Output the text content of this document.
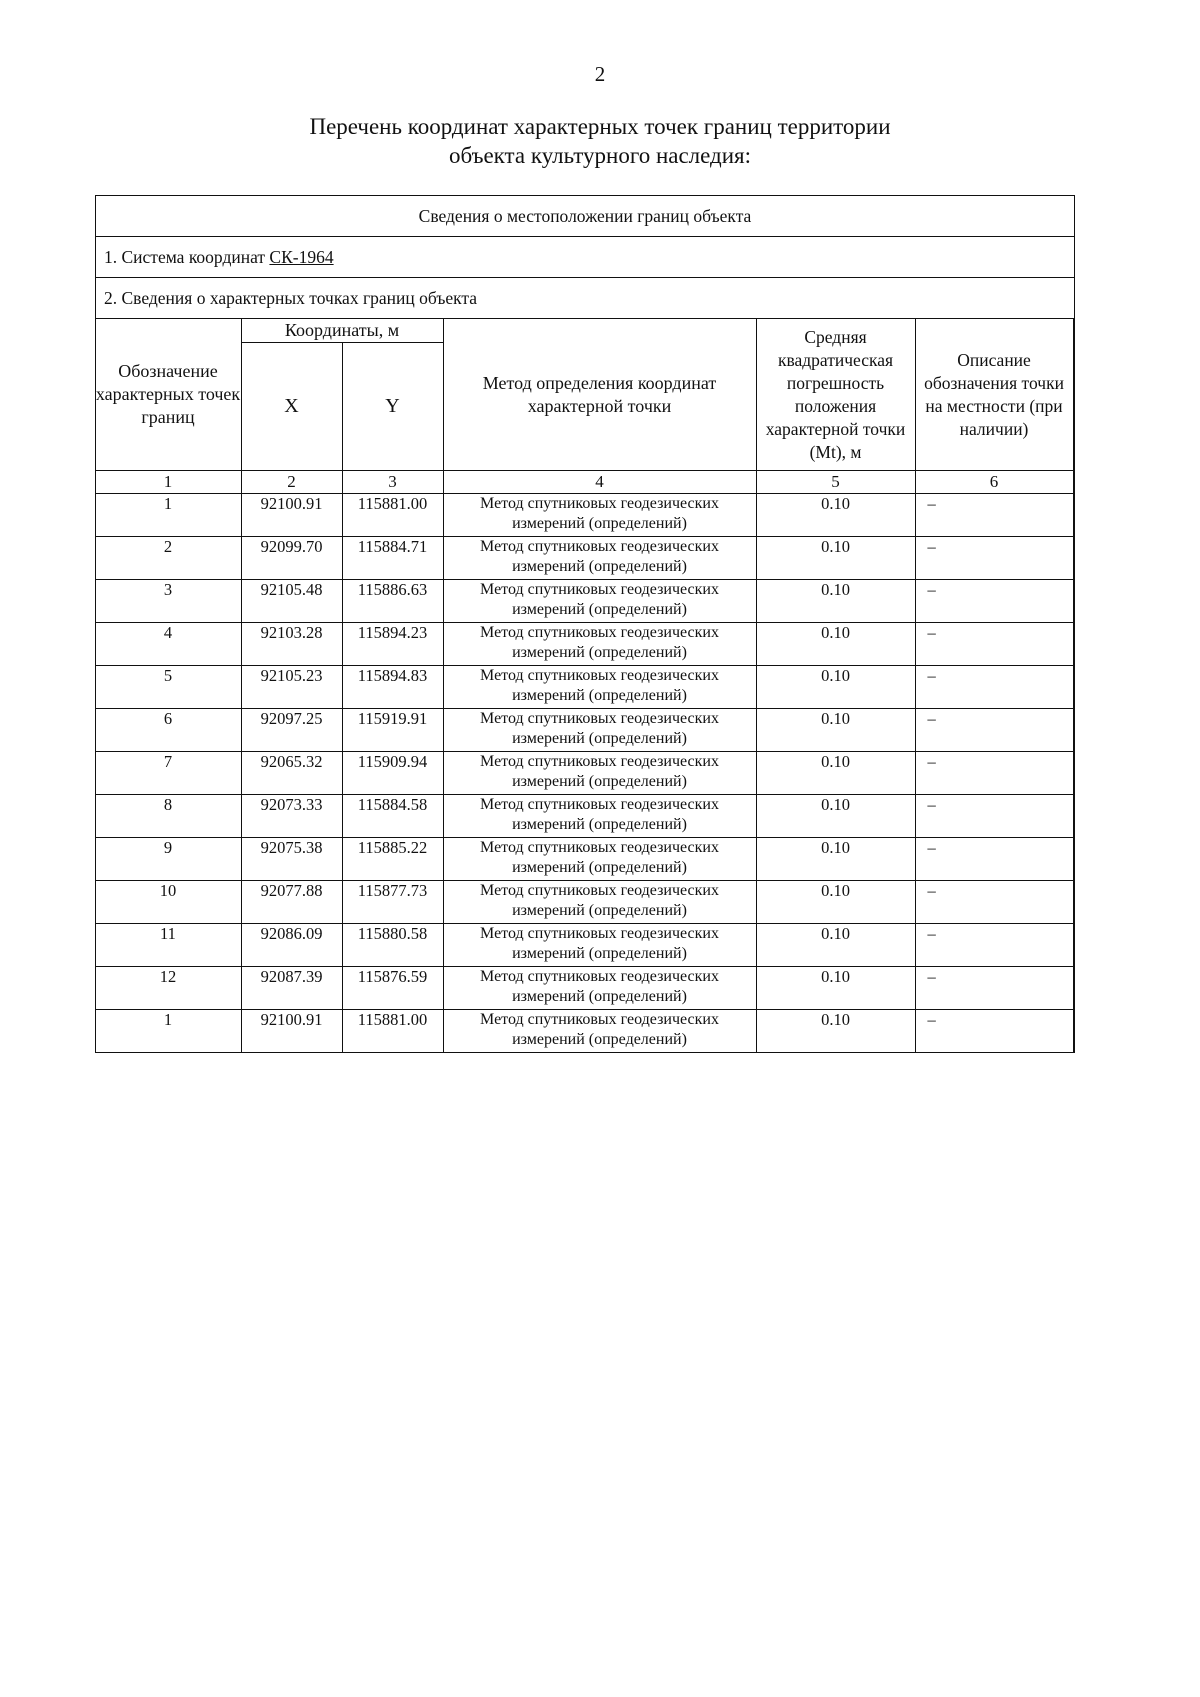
2
Перечень координат характерных точек границ территории
объекта культурного наследия:
Сведения о местоположении границ объекта
1. Система координат СК-1964
2. Сведения о характерных точках границ объекта
Обозначение характерных точек границ	Координаты, м		Метод определения координат характерной точки	Средняя квадратическая погрешность положения характерной точки (Mt), м	Описание обозначения точки на местности (при наличии)
	X	Y			
1	2	3	4	5	6
1	92100.91	115881.00	Метод спутниковых геодезических измерений (определений)	0.10	–
2	92099.70	115884.71	Метод спутниковых геодезических измерений (определений)	0.10	–
3	92105.48	115886.63	Метод спутниковых геодезических измерений (определений)	0.10	–
4	92103.28	115894.23	Метод спутниковых геодезических измерений (определений)	0.10	–
5	92105.23	115894.83	Метод спутниковых геодезических измерений (определений)	0.10	–
6	92097.25	115919.91	Метод спутниковых геодезических измерений (определений)	0.10	–
7	92065.32	115909.94	Метод спутниковых геодезических измерений (определений)	0.10	–
8	92073.33	115884.58	Метод спутниковых геодезических измерений (определений)	0.10	–
9	92075.38	115885.22	Метод спутниковых геодезических измерений (определений)	0.10	–
10	92077.88	115877.73	Метод спутниковых геодезических измерений (определений)	0.10	–
11	92086.09	115880.58	Метод спутниковых геодезических измерений (определений)	0.10	–
12	92087.39	115876.59	Метод спутниковых геодезических измерений (определений)	0.10	–
1	92100.91	115881.00	Метод спутниковых геодезических измерений (определений)	0.10	–
